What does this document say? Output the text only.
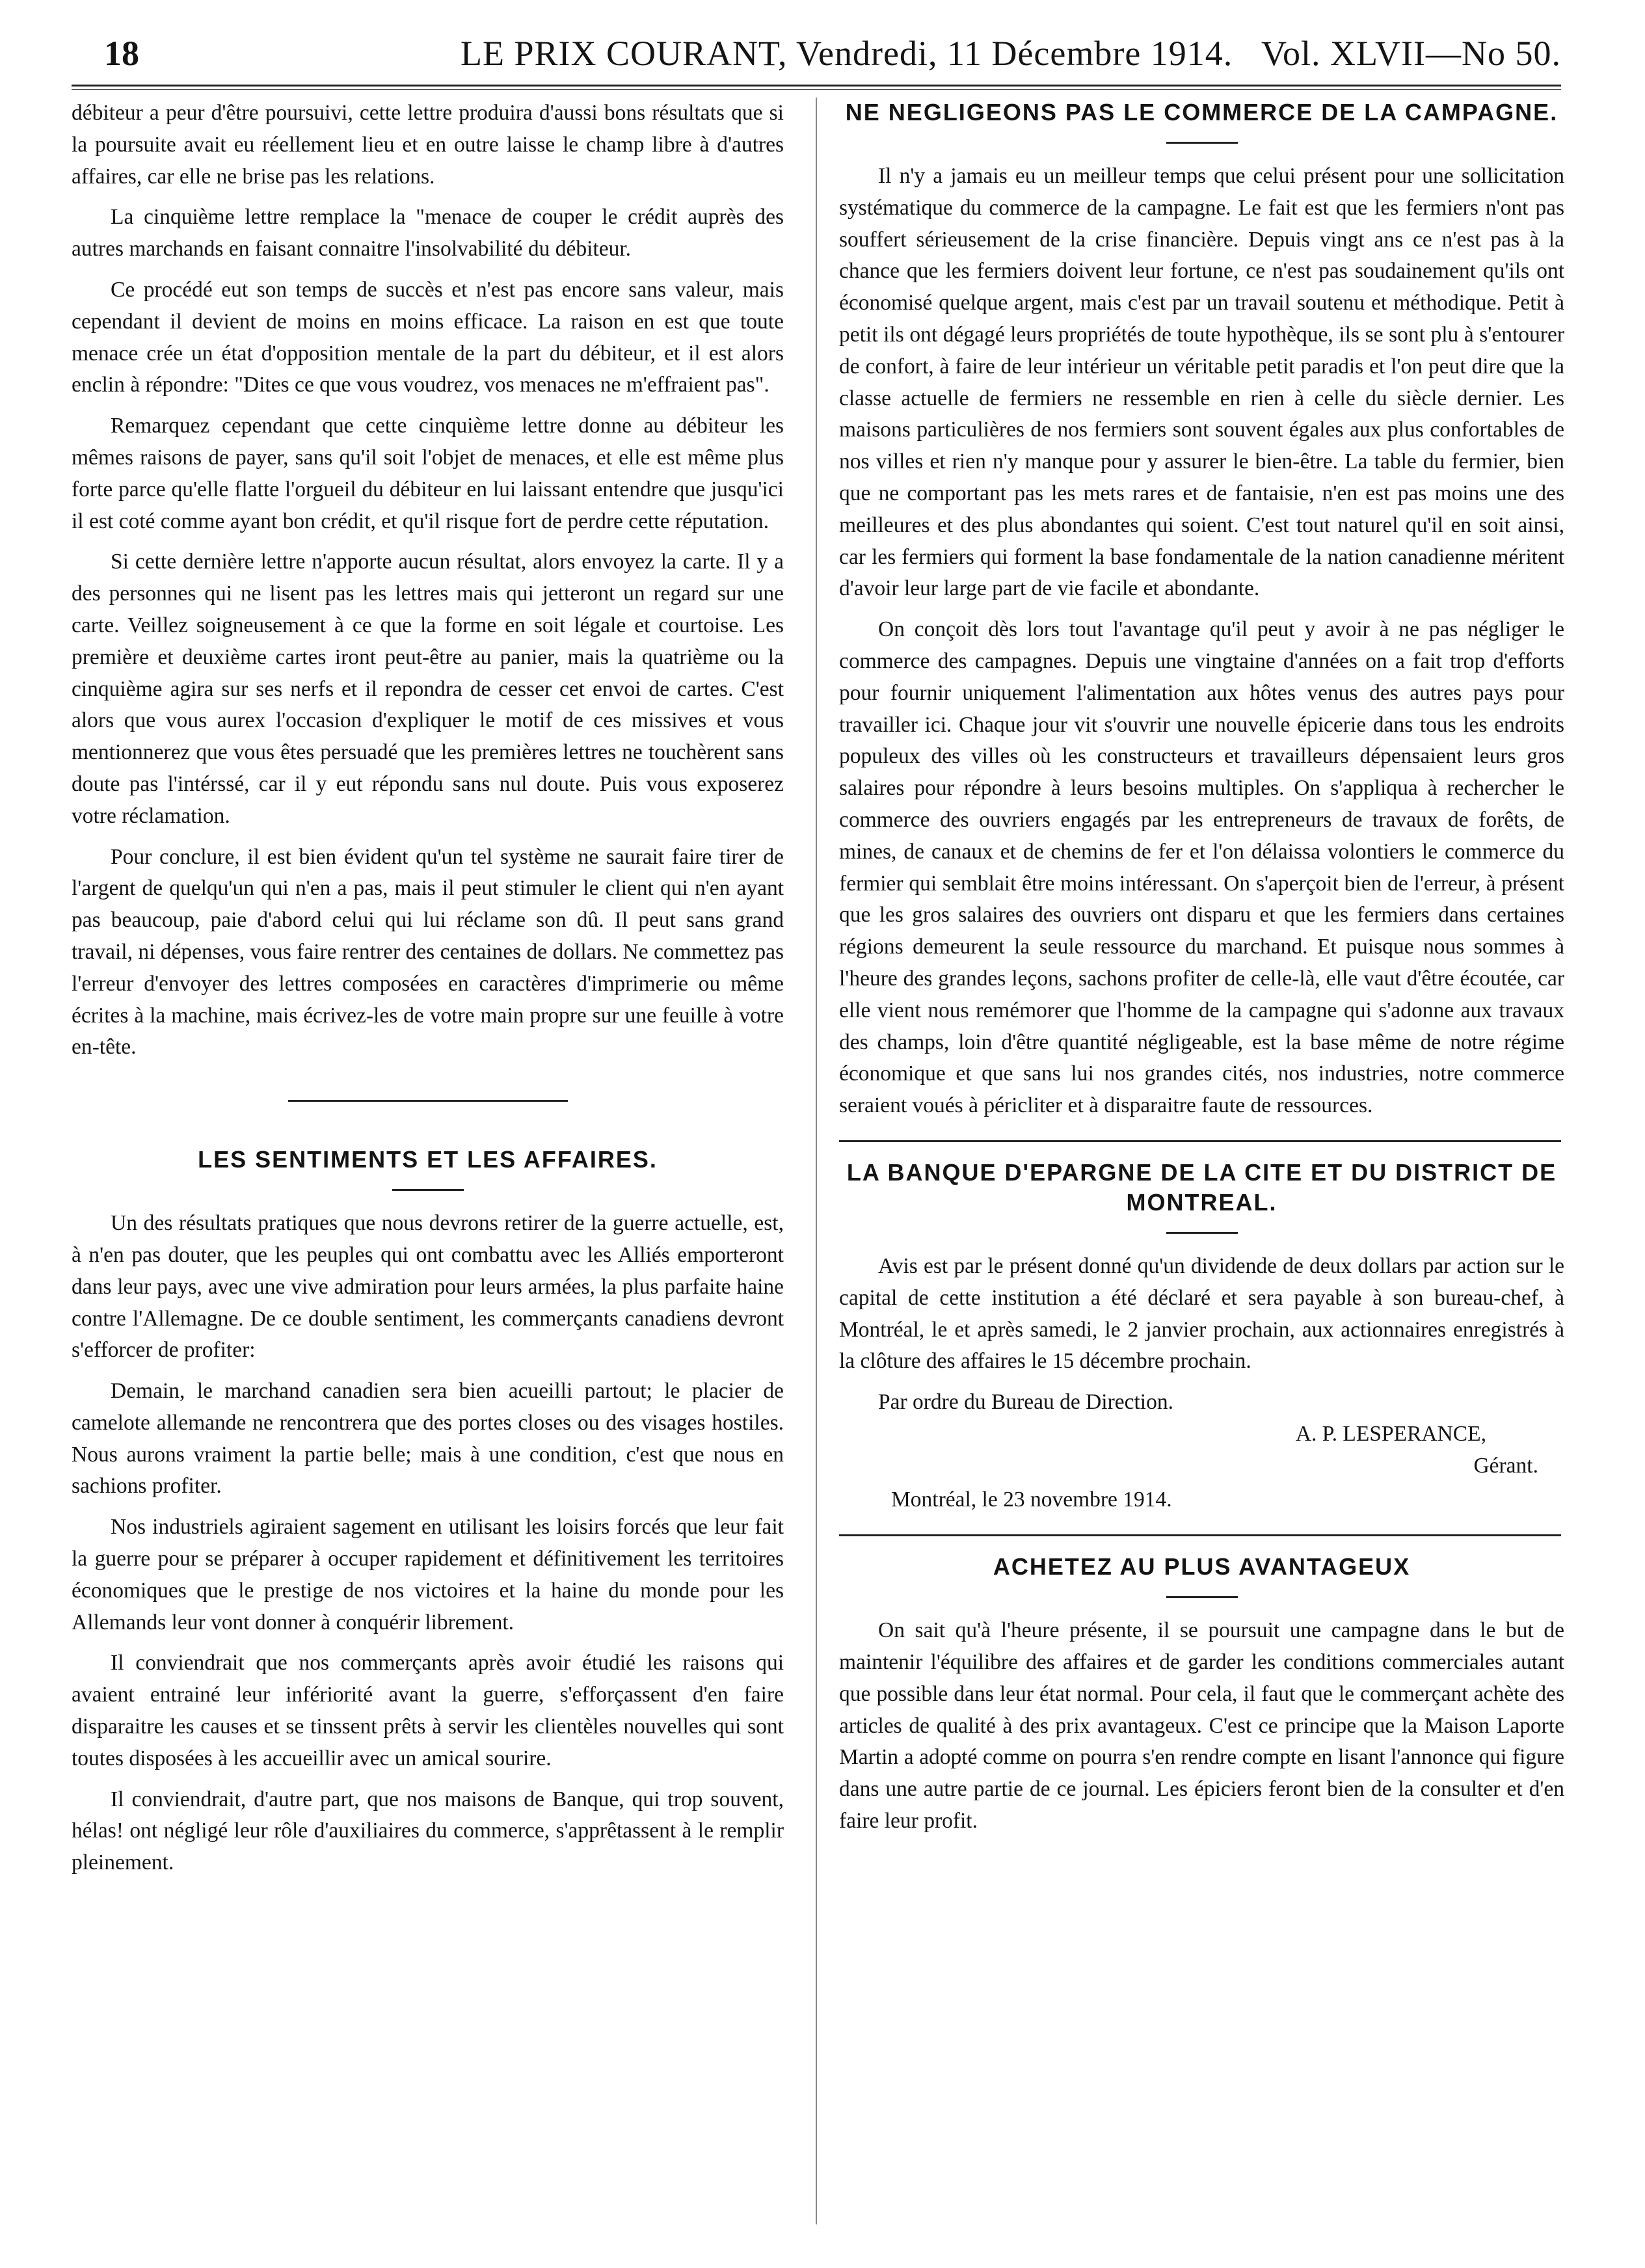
18	LE PRIX COURANT, Vendredi, 11 Décembre 1914. Vol. XLVII—No 50.

débiteur a peur d'être poursuivi, cette lettre produira d'aussi bons résultats que si la poursuite avait eu réellement lieu et en outre laisse le champ libre à d'autres affaires, car elle ne brise pas les relations.

La cinquième lettre remplace la "menace de couper le crédit auprès des autres marchands en faisant connaitre l'insolvabilité du débiteur.

Ce procédé eut son temps de succès et n'est pas encore sans valeur, mais cependant il devient de moins en moins efficace. La raison en est que toute menace crée un état d'opposition mentale de la part du débiteur, et il est alors enclin à répondre: "Dites ce que vous voudrez, vos menaces ne m'effraient pas".

Remarquez cependant que cette cinquième lettre donne au débiteur les mêmes raisons de payer, sans qu'il soit l'objet de menaces, et elle est même plus forte parce qu'elle flatte l'orgueil du débiteur en lui laissant entendre que jusqu'ici il est coté comme ayant bon crédit, et qu'il risque fort de perdre cette réputation.

Si cette dernière lettre n'apporte aucun résultat, alors envoyez la carte. Il y a des personnes qui ne lisent pas les lettres mais qui jetteront un regard sur une carte. Veillez soigneusement à ce que la forme en soit légale et courtoise. Les première et deuxième cartes iront peut-être au panier, mais la quatrième ou la cinquième agira sur ses nerfs et il repondra de cesser cet envoi de cartes. C'est alors que vous aurex l'occasion d'expliquer le motif de ces missives et vous mentionnerez que vous êtes persuadé que les premières lettres ne touchèrent sans doute pas l'intérssé, car il y eut répondu sans nul doute. Puis vous exposerez votre réclamation.

Pour conclure, il est bien évident qu'un tel système ne saurait faire tirer de l'argent de quelqu'un qui n'en a pas, mais il peut stimuler le client qui n'en ayant pas beaucoup, paie d'abord celui qui lui réclame son dû. Il peut sans grand travail, ni dépenses, vous faire rentrer des centaines de dollars. Ne commettez pas l'erreur d'envoyer des lettres composées en caractères d'imprimerie ou même écrites à la machine, mais écrivez-les de votre main propre sur une feuille à votre en-tête.

LES SENTIMENTS ET LES AFFAIRES.

Un des résultats pratiques que nous devrons retirer de la guerre actuelle, est, à n'en pas douter, que les peuples qui ont combattu avec les Alliés emporteront dans leur pays, avec une vive admiration pour leurs armées, la plus parfaite haine contre l'Allemagne. De ce double sentiment, les commerçants canadiens devront s'efforcer de profiter:

Demain, le marchand canadien sera bien acueilli partout; le placier de camelote allemande ne rencontrera que des portes closes ou des visages hostiles. Nous aurons vraiment la partie belle; mais à une condition, c'est que nous en sachions profiter.

Nos industriels agiraient sagement en utilisant les loisirs forcés que leur fait la guerre pour se préparer à occuper rapidement et définitivement les territoires économiques que le prestige de nos victoires et la haine du monde pour les Allemands leur vont donner à conquérir librement.

Il conviendrait que nos commerçants après avoir étudié les raisons qui avaient entrainé leur infériorité avant la guerre, s'efforçassent d'en faire disparaitre les causes et se tinssent prêts à servir les clientèles nouvelles qui sont toutes disposées à les accueillir avec un amical sourire.

Il conviendrait, d'autre part, que nos maisons de Banque, qui trop souvent, hélas! ont négligé leur rôle d'auxiliaires du commerce, s'apprêtassent à le remplir pleinement.

NE NEGLIGEONS PAS LE COMMERCE DE LA CAMPAGNE.

Il n'y a jamais eu un meilleur temps que celui présent pour une sollicitation systématique du commerce de la campagne. Le fait est que les fermiers n'ont pas souffert sérieusement de la crise financière. Depuis vingt ans ce n'est pas à la chance que les fermiers doivent leur fortune, ce n'est pas soudainement qu'ils ont économisé quelque argent, mais c'est par un travail soutenu et méthodique. Petit à petit ils ont dégagé leurs propriétés de toute hypothèque, ils se sont plu à s'entourer de confort, à faire de leur intérieur un véritable petit paradis et l'on peut dire que la classe actuelle de fermiers ne ressemble en rien à celle du siècle dernier. Les maisons particulières de nos fermiers sont souvent égales aux plus confortables de nos villes et rien n'y manque pour y assurer le bien-être. La table du fermier, bien que ne comportant pas les mets rares et de fantaisie, n'en est pas moins une des meilleures et des plus abondantes qui soient. C'est tout naturel qu'il en soit ainsi, car les fermiers qui forment la base fondamentale de la nation canadienne méritent d'avoir leur large part de vie facile et abondante.

On conçoit dès lors tout l'avantage qu'il peut y avoir à ne pas négliger le commerce des campagnes. Depuis une vingtaine d'années on a fait trop d'efforts pour fournir uniquement l'alimentation aux hôtes venus des autres pays pour travailler ici. Chaque jour vit s'ouvrir une nouvelle épicerie dans tous les endroits populeux des villes où les constructeurs et travailleurs dépensaient leurs gros salaires pour répondre à leurs besoins multiples. On s'appliqua à rechercher le commerce des ouvriers engagés par les entrepreneurs de travaux de forêts, de mines, de canaux et de chemins de fer et l'on délaissa volontiers le commerce du fermier qui semblait être moins intéressant. On s'aperçoit bien de l'erreur, à présent que les gros salaires des ouvriers ont disparu et que les fermiers dans certaines régions demeurent la seule ressource du marchand. Et puisque nous sommes à l'heure des grandes leçons, sachons profiter de celle-là, elle vaut d'être écoutée, car elle vient nous remémorer que l'homme de la campagne qui s'adonne aux travaux des champs, loin d'être quantité négligeable, est la base même de notre régime économique et que sans lui nos grandes cités, nos industries, notre commerce seraient voués à péricliter et à disparaitre faute de ressources.

LA BANQUE D'EPARGNE DE LA CITE ET DU DISTRICT DE MONTREAL.

Avis est par le présent donné qu'un dividende de deux dollars par action sur le capital de cette institution a été déclaré et sera payable à son bureau-chef, à Montréal, le et après samedi, le 2 janvier prochain, aux actionnaires enregistrés à la clôture des affaires le 15 décembre prochain.

Par ordre du Bureau de Direction.

A. P. LESPERANCE,

Gérant.

Montréal, le 23 novembre 1914.

ACHETEZ AU PLUS AVANTAGEUX

On sait qu'à l'heure présente, il se poursuit une campagne dans le but de maintenir l'équilibre des affaires et de garder les conditions commerciales autant que possible dans leur état normal. Pour cela, il faut que le commerçant achète des articles de qualité à des prix avantageux. C'est ce principe que la Maison Laporte Martin a adopté comme on pourra s'en rendre compte en lisant l'annonce qui figure dans une autre partie de ce journal. Les épiciers feront bien de la consulter et d'en faire leur profit.
